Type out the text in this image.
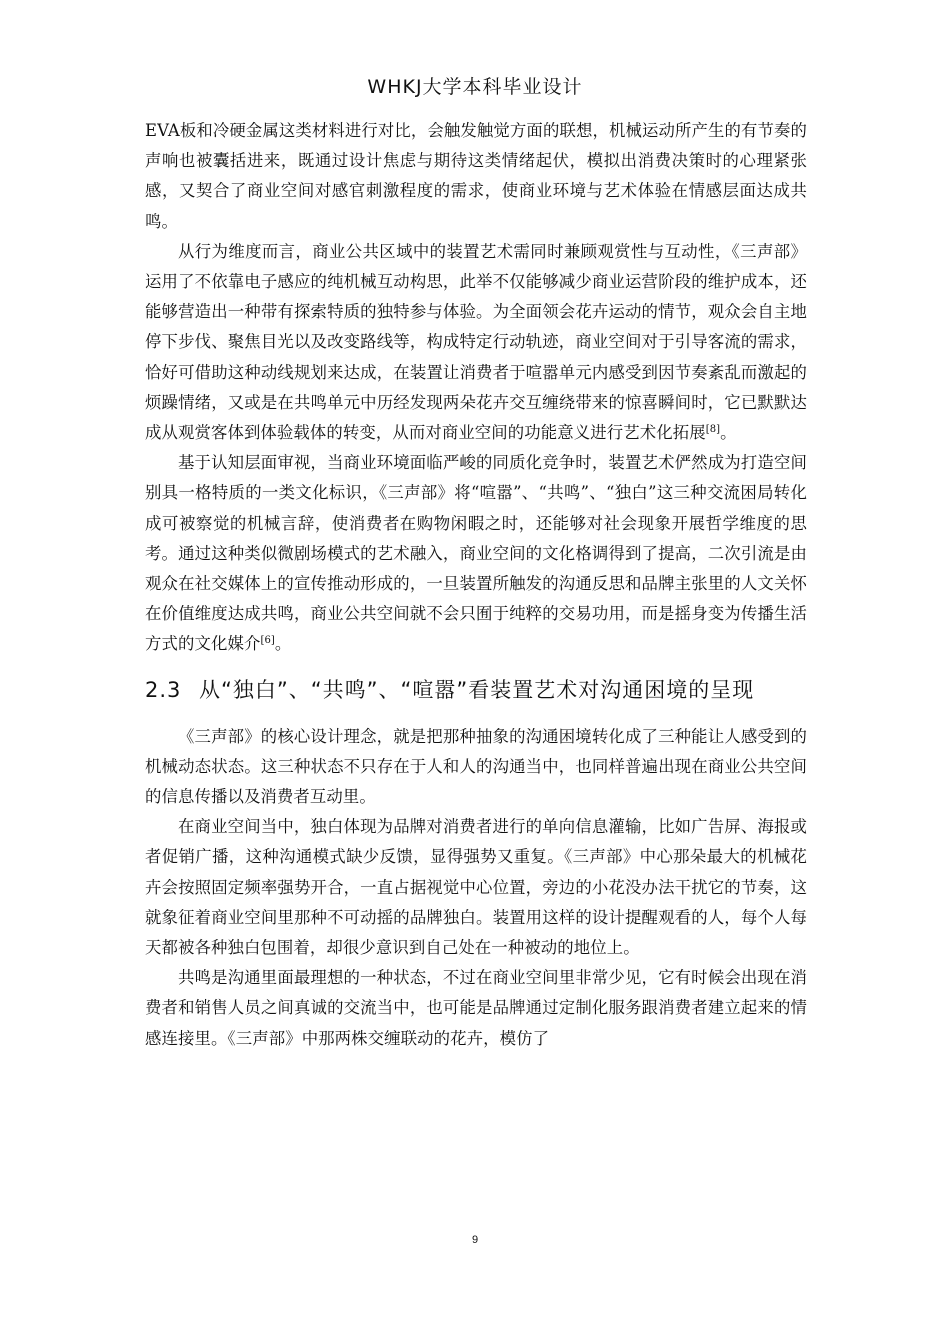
WHKJ大学本科毕业设计

EVA板和冷硬金属这类材料进行对比，会触发触觉方面的联想，机械运动所产生的有节奏的声响也被囊括进来，既通过设计焦虑与期待这类情绪起伏，模拟出消费决策时的心理紧张感，又契合了商业空间对感官刺激程度的需求，使商业环境与艺术体验在情感层面达成共鸣。

从行为维度而言，商业公共区域中的装置艺术需同时兼顾观赏性与互动性，《三声部》运用了不依靠电子感应的纯机械互动构思，此举不仅能够减少商业运营阶段的维护成本，还能够营造出一种带有探索特质的独特参与体验。为全面领会花卉运动的情节，观众会自主地停下步伐、聚焦目光以及改变路线等，构成特定行动轨迹，商业空间对于引导客流的需求，恰好可借助这种动线规划来达成，在装置让消费者于喧嚣单元内感受到因节奏紊乱而激起的烦躁情绪，又或是在共鸣单元中历经发现两朵花卉交互缠绕带来的惊喜瞬间时，它已默默达成从观赏客体到体验载体的转变，从而对商业空间的功能意义进行艺术化拓展[8]。

基于认知层面审视，当商业环境面临严峻的同质化竞争时，装置艺术俨然成为打造空间别具一格特质的一类文化标识，《三声部》将“喧嚣”、“共鸣”、“独白”这三种交流困局转化成可被察觉的机械言辞，使消费者在购物闲暇之时，还能够对社会现象开展哲学维度的思考。通过这种类似微剧场模式的艺术融入，商业空间的文化格调得到了提高，二次引流是由观众在社交媒体上的宣传推动形成的，一旦装置所触发的沟通反思和品牌主张里的人文关怀在价值维度达成共鸣，商业公共空间就不会只囿于纯粹的交易功用，而是摇身变为传播生活方式的文化媒介[6]。

2.3 从“独白”、“共鸣”、“喧嚣”看装置艺术对沟通困境的呈现

《三声部》的核心设计理念，就是把那种抽象的沟通困境转化成了三种能让人感受到的机械动态状态。这三种状态不只存在于人和人的沟通当中，也同样普遍出现在商业公共空间的信息传播以及消费者互动里。

在商业空间当中，独白体现为品牌对消费者进行的单向信息灌输，比如广告屏、海报或者促销广播，这种沟通模式缺少反馈，显得强势又重复。《三声部》中心那朵最大的机械花卉会按照固定频率强势开合，一直占据视觉中心位置，旁边的小花没办法干扰它的节奏，这就象征着商业空间里那种不可动摇的品牌独白。装置用这样的设计提醒观看的人，每个人每天都被各种独白包围着，却很少意识到自己处在一种被动的地位上。

共鸣是沟通里面最理想的一种状态，不过在商业空间里非常少见，它有时候会出现在消费者和销售人员之间真诚的交流当中，也可能是品牌通过定制化服务跟消费者建立起来的情感连接里。《三声部》中那两株交缠联动的花卉，模仿了

9
